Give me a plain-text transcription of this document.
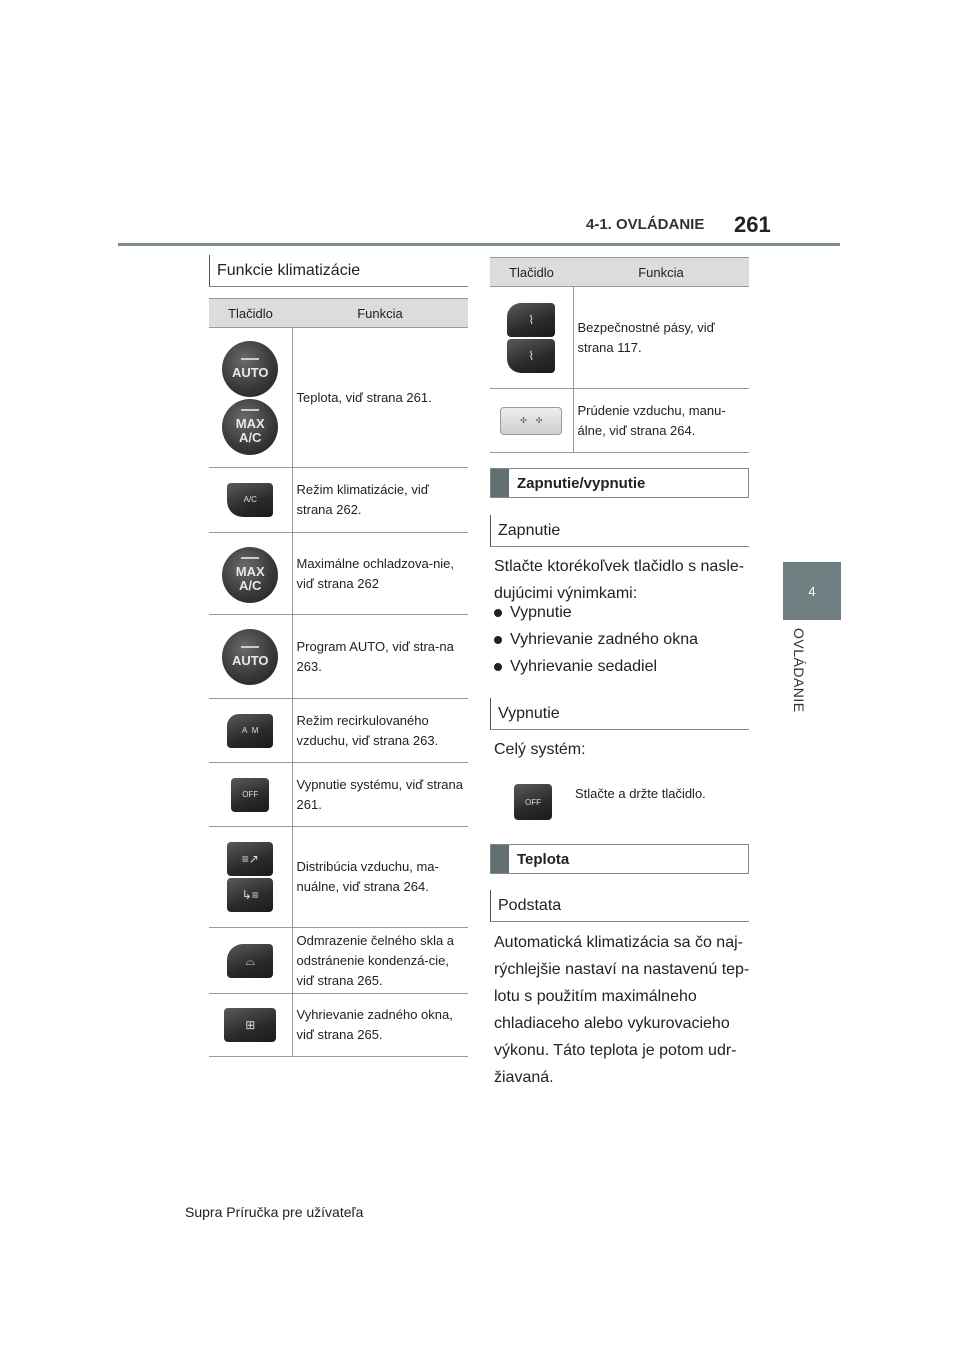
4-1. OVLÁDANIE 261
4
OVLÁDANIE
Funkcie klimatizácie
Tlačidlo	Funkcia

AUTO
MAX
A/C	Teplota, viď strana 261.
A/C	Režim klimatizácie, viď strana 262.

MAX
A/C	Maximálne ochladzova-nie, viď strana 262

AUTO	Program AUTO, viď stra-na 263.
A  M	Režim recirkulovaného vzduchu, viď strana 263.
OFF	Vypnutie systému, viď strana 261.

≡↗
↳≡	Distribúcia vzduchu, ma-nuálne, viď strana 264.
⌓	Odmrazenie čelného skla a odstránenie kondenzá-cie, viď strana 265.
⊞	Vyhrievanie zadného okna, viď strana 265.
Tlačidlo	Funkcia

⌇
⌇	Bezpečnostné pásy, viď strana 117.
✣    ✣	Prúdenie vzduchu, manu-álne, viď strana 264.
Zapnutie/vypnutie
Zapnutie
Stlačte ktorékoľvek tlačidlo s nasle-dujúcimi výnimkami:
Vypnutie
Vyhrievanie zadného okna
Vyhrievanie sedadiel
Vypnutie
Celý systém:
OFF
Stlačte a držte tlačidlo.
Teplota
Podstata
Automatická klimatizácia sa čo naj-rýchlejšie nastaví na nastavenú tep-lotu s použitím maximálneho chladiaceho alebo vykurovacieho výkonu. Táto teplota je potom udr-žiavaná.
Supra Príručka pre užívateľa
